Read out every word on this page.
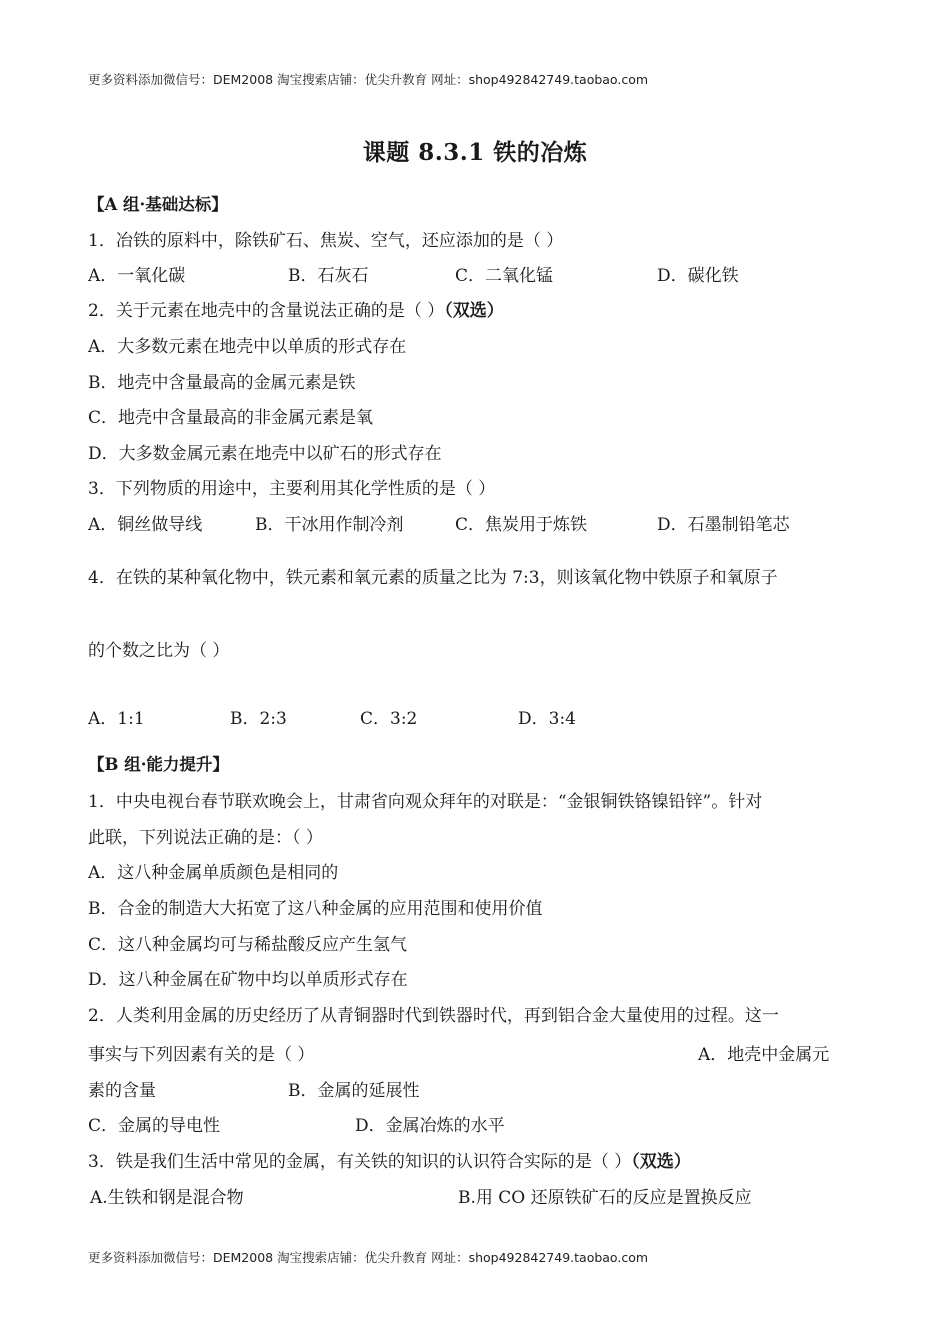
更多资料添加微信号：DEM2008 淘宝搜索店铺：优尖升教育 网址：shop492842749.taobao.com
课题 8.3.1 铁的冶炼
【A 组·基础达标】
1．冶铁的原料中，除铁矿石、焦炭、空气，还应添加的是（ ）
A．一氧化碳	B．石灰石	C．二氧化锰	D．碳化铁
2．关于元素在地壳中的含量说法正确的是（ ）（双选）
A．大多数元素在地壳中以单质的形式存在
B．地壳中含量最高的金属元素是铁
C．地壳中含量最高的非金属元素是氧
D．大多数金属元素在地壳中以矿石的形式存在
3．下列物质的用途中，主要利用其化学性质的是（ ）
A．铜丝做导线	B．干冰用作制冷剂	C．焦炭用于炼铁	D．石墨制铅笔芯
4．在铁的某种氧化物中，铁元素和氧元素的质量之比为 7:3，则该氧化物中铁原子和氧原子
的个数之比为（ ）
A．1:1	B．2:3	C．3:2	D．3:4
【B 组·能力提升】
1．中央电视台春节联欢晚会上，甘肃省向观众拜年的对联是：“金银铜铁铬镍铅锌”。针对
此联，下列说法正确的是：（ ）
A．这八种金属单质颜色是相同的
B．合金的制造大大拓宽了这八种金属的应用范围和使用价值
C．这八种金属均可与稀盐酸反应产生氢气
D．这八种金属在矿物中均以单质形式存在
2．人类利用金属的历史经历了从青铜器时代到铁器时代，再到铝合金大量使用的过程。这一
事实与下列因素有关的是（ ）	A．地壳中金属元
素的含量	B．金属的延展性
C．金属的导电性	D．金属冶炼的水平
3．铁是我们生活中常见的金属，有关铁的知识的认识符合实际的是（ ）（双选）
A.生铁和钢是混合物	B.用 CO 还原铁矿石的反应是置换反应
更多资料添加微信号：DEM2008 淘宝搜索店铺：优尖升教育 网址：shop492842749.taobao.com
